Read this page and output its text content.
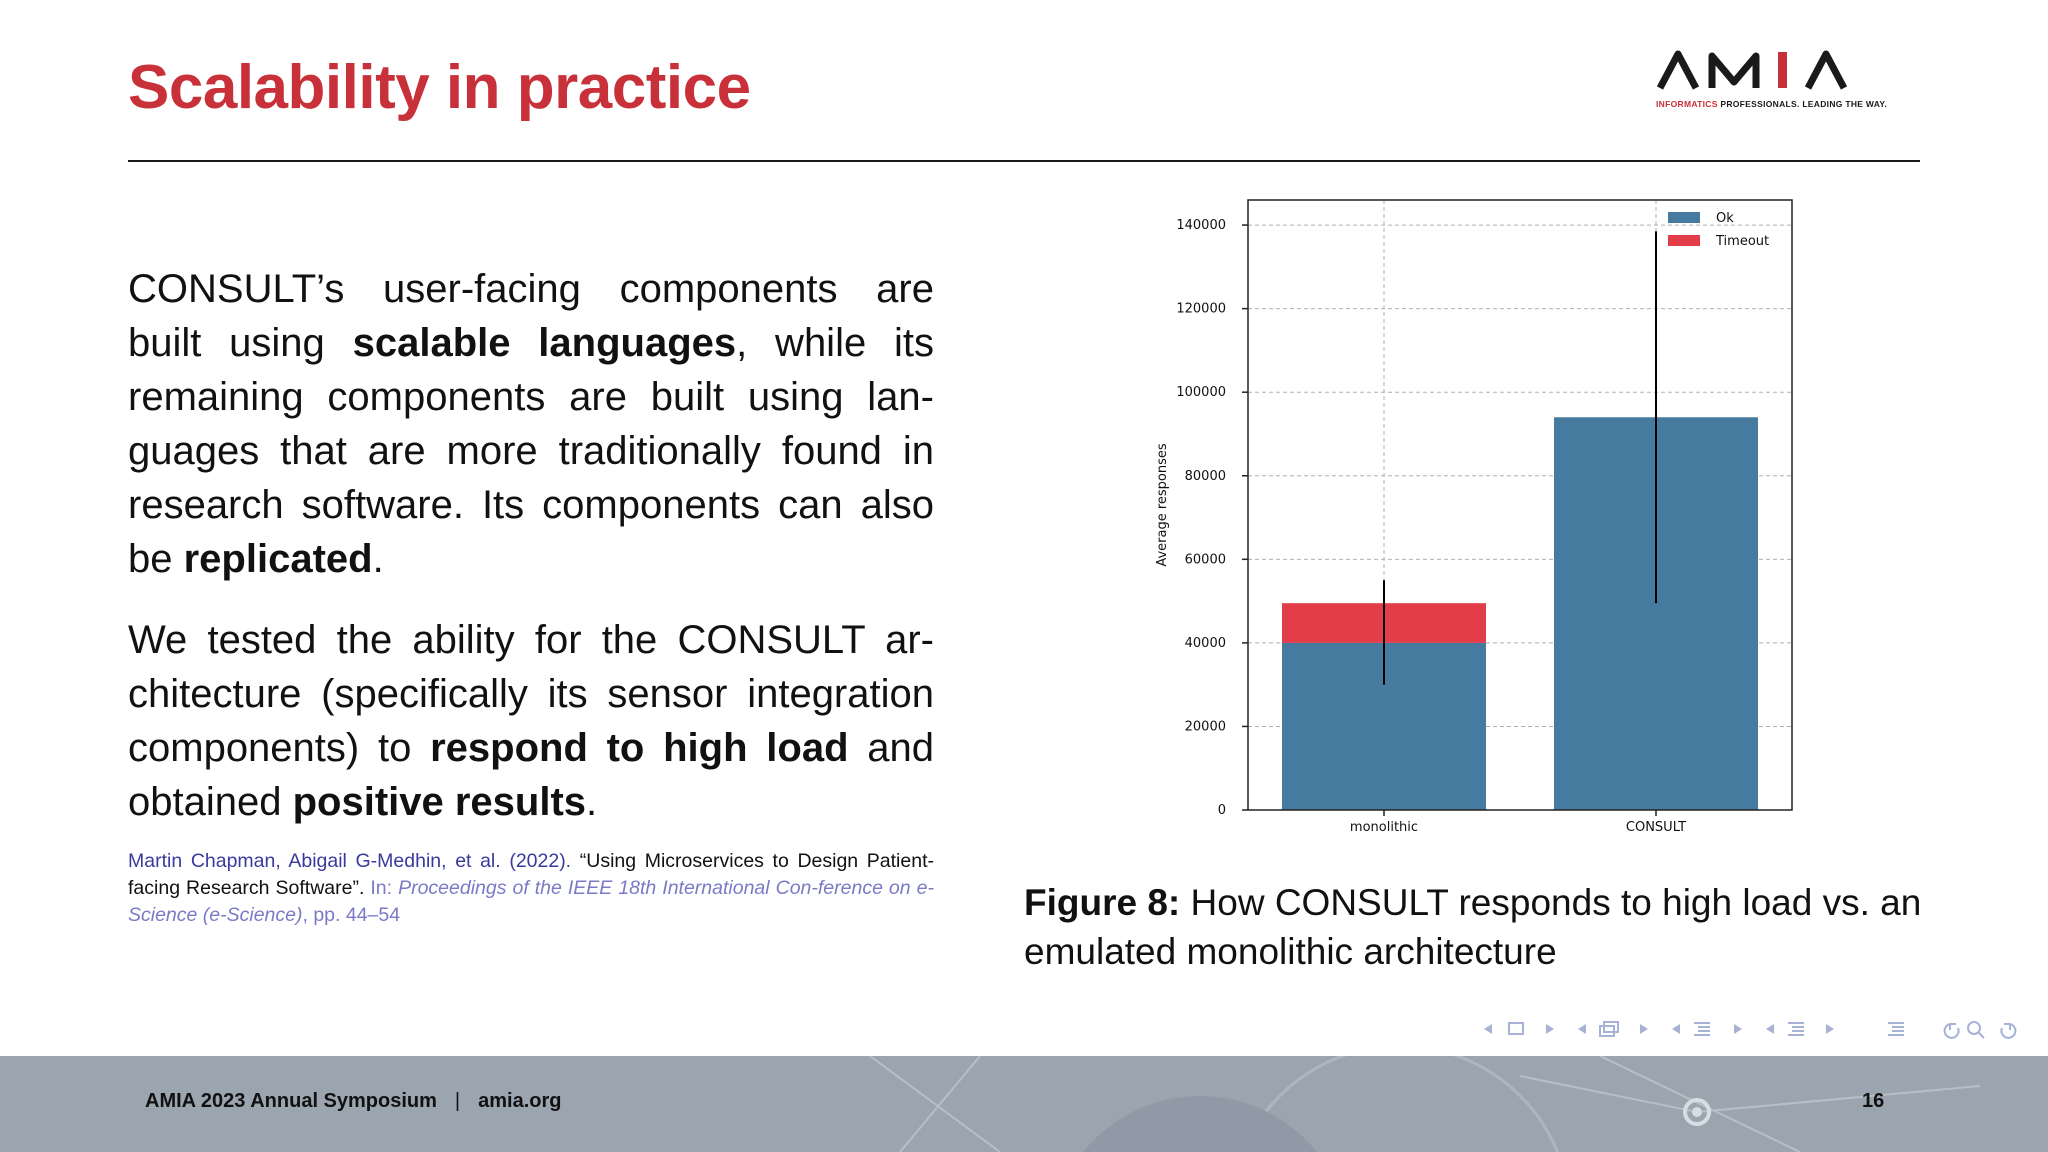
Scalability in practice	INFORMATICS PROFESSIONALS. LEADING THE WAY.

CONSULT’s user-facing components are built using scalable languages, while its remaining components are built using lan-guages that are more traditionally found in research software. Its components can also be replicated.

We tested the ability for the CONSULT ar-chitecture (specifically its sensor integration components) to respond to high load and obtained positive results.

Martin Chapman, Abigail G-Medhin, et al. (2022). “Using Microservices to Design Patient-facing Research Software”. In: Proceedings of the IEEE 18th International Con-ference on e-Science (e-Science), pp. 44–54

0
20000
40000
60000
80000
100000
120000
140000
monolithic	CONSULT
Average responses
Ok
Timeout

Figure 8: How CONSULT responds to high load vs. an emulated monolithic architecture

AMIA 2023 Annual Symposium | amia.org	16
